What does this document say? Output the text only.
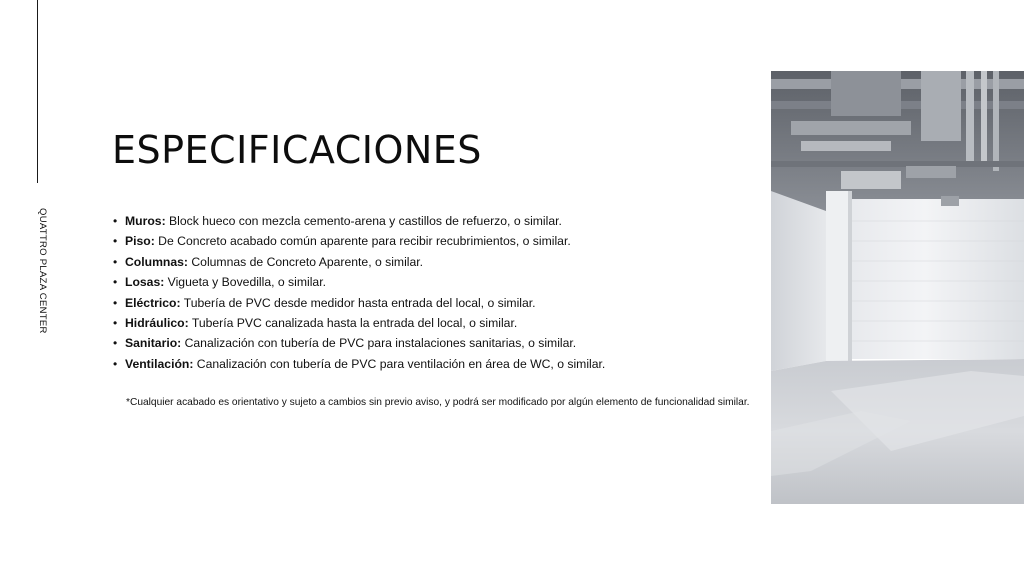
QUATTRO PLAZA CENTER
ESPECIFICACIONES
• Muros: Block hueco con mezcla cemento-arena y castillos de refuerzo, o similar.
• Piso: De Concreto acabado común aparente para recibir recubrimientos, o similar.
• Columnas: Columnas de Concreto Aparente, o similar.
• Losas: Vigueta y Bovedilla, o similar.
• Eléctrico: Tubería de PVC desde medidor hasta entrada del local, o similar.
• Hidráulico: Tubería PVC canalizada hasta la entrada del local, o similar.
• Sanitario: Canalización con tubería de PVC para instalaciones sanitarias, o similar.
• Ventilación: Canalización con tubería de PVC para ventilación en área de WC, o similar.

*Cualquier acabado es orientativo y sujeto a cambios sin previo aviso, y podrá ser modificado por algún elemento de funcionalidad similar.
